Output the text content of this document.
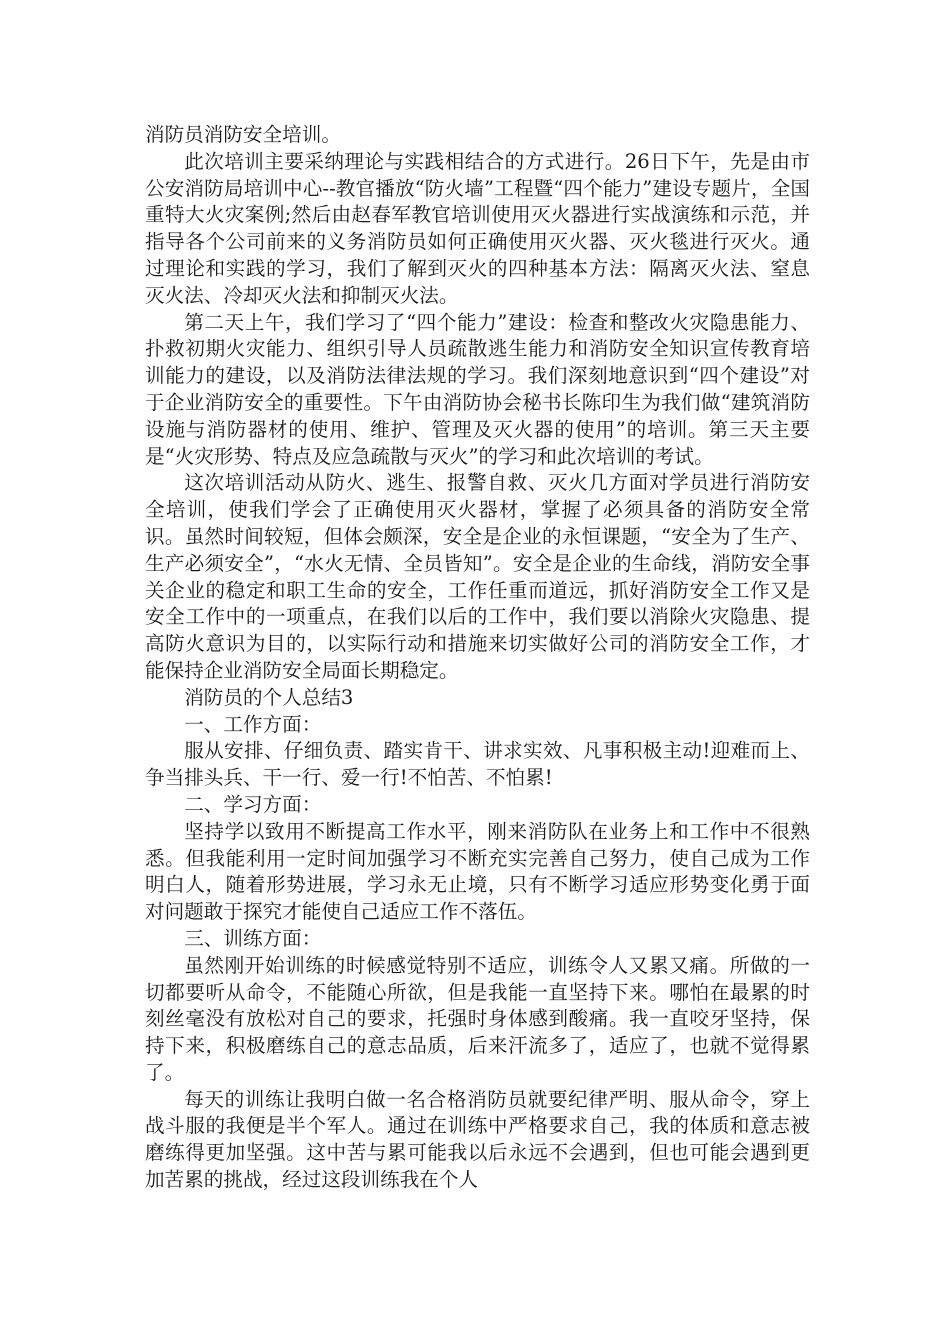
消防员消防安全培训。

此次培训主要采纳理论与实践相结合的方式进行。26日下午，先是由市公安消防局培训中心--教官播放“防火墙”工程暨“四个能力”建设专题片，全国重特大火灾案例;然后由赵春军教官培训使用灭火器进行实战演练和示范，并指导各个公司前来的义务消防员如何正确使用灭火器、灭火毯进行灭火。通过理论和实践的学习，我们了解到灭火的四种基本方法：隔离灭火法、窒息灭火法、冷却灭火法和抑制灭火法。

第二天上午，我们学习了“四个能力”建设：检查和整改火灾隐患能力、扑救初期火灾能力、组织引导人员疏散逃生能力和消防安全知识宣传教育培训能力的建设，以及消防法律法规的学习。我们深刻地意识到“四个建设”对于企业消防安全的重要性。下午由消防协会秘书长陈印生为我们做“建筑消防设施与消防器材的使用、维护、管理及灭火器的使用”的培训。第三天主要是“火灾形势、特点及应急疏散与灭火”的学习和此次培训的考试。

这次培训活动从防火、逃生、报警自救、灭火几方面对学员进行消防安全培训，使我们学会了正确使用灭火器材，掌握了必须具备的消防安全常识。虽然时间较短，但体会颇深，安全是企业的永恒课题，“安全为了生产、生产必须安全”，“水火无情、全员皆知”。安全是企业的生命线，消防安全事关企业的稳定和职工生命的安全，工作任重而道远，抓好消防安全工作又是安全工作中的一项重点，在我们以后的工作中，我们要以消除火灾隐患、提高防火意识为目的，以实际行动和措施来切实做好公司的消防安全工作，才能保持企业消防安全局面长期稳定。

消防员的个人总结3

一、工作方面：

服从安排、仔细负责、踏实肯干、讲求实效、凡事积极主动!迎难而上、争当排头兵、干一行、爱一行!不怕苦、不怕累!

二、学习方面：

坚持学以致用不断提高工作水平，刚来消防队在业务上和工作中不很熟悉。但我能利用一定时间加强学习不断充实完善自己努力，使自己成为工作明白人，随着形势进展，学习永无止境，只有不断学习适应形势变化勇于面对问题敢于探究才能使自己适应工作不落伍。

三、训练方面：

虽然刚开始训练的时候感觉特别不适应，训练令人又累又痛。所做的一切都要听从命令，不能随心所欲，但是我能一直坚持下来。哪怕在最累的时刻丝毫没有放松对自己的要求，托强时身体感到酸痛。我一直咬牙坚持，保持下来，积极磨练自己的意志品质，后来汗流多了，适应了，也就不觉得累了。

每天的训练让我明白做一名合格消防员就要纪律严明、服从命令，穿上战斗服的我便是半个军人。通过在训练中严格要求自己，我的体质和意志被磨练得更加坚强。这中苦与累可能我以后永远不会遇到，但也可能会遇到更加苦累的挑战，经过这段训练我在个人
